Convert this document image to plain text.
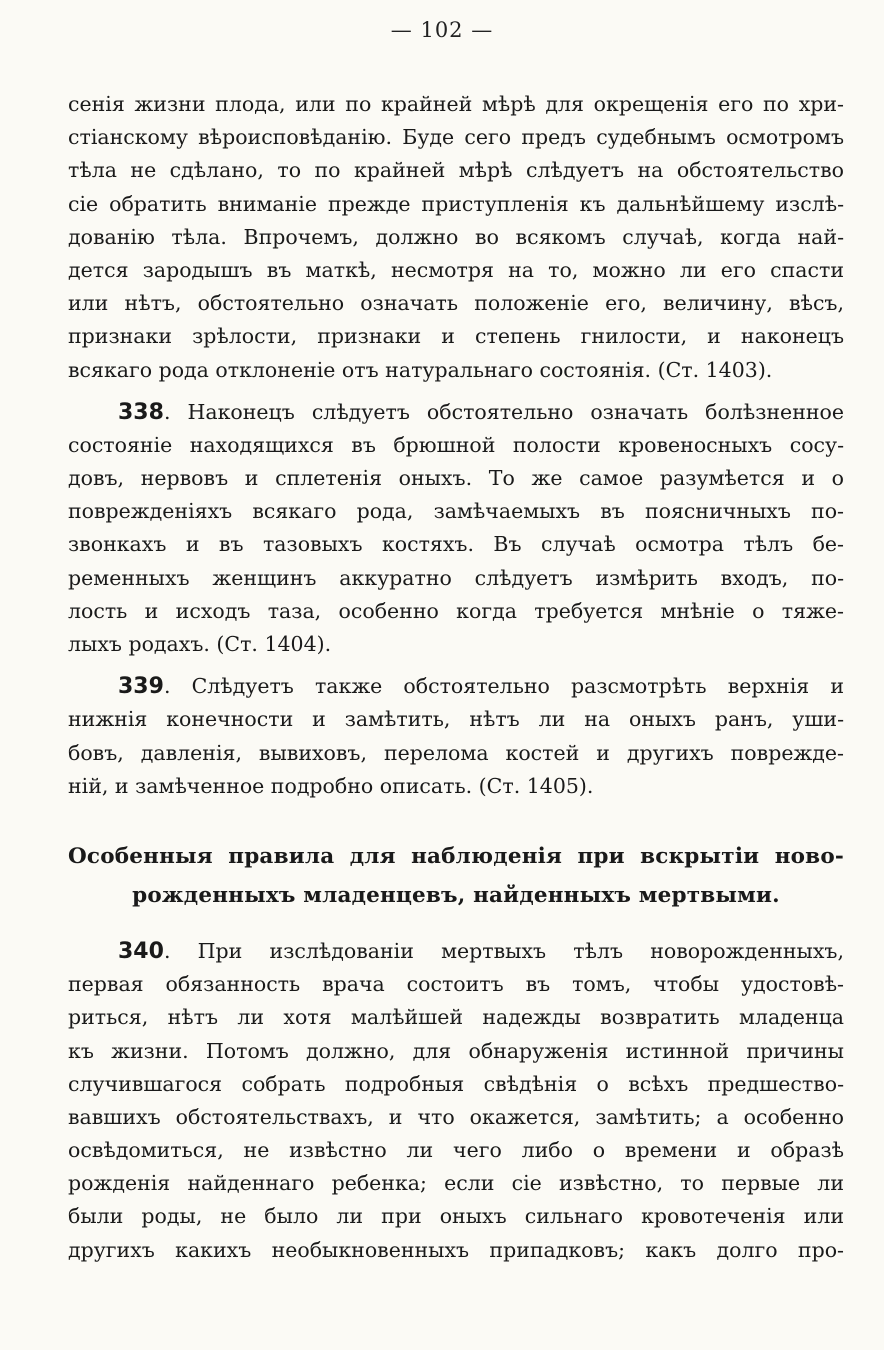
— 102 —
сенія жизни плода, или по крайней мѣрѣ для окрещенія его по хри-
стіанскому вѣроисповѣданію. Буде сего предъ судебнымъ осмотромъ
тѣла не сдѣлано, то по крайней мѣрѣ слѣдуетъ на обстоятельство
сіе обратить вниманіе прежде приступленія къ дальнѣйшему изслѣ-
дованію тѣла. Впрочемъ, должно во всякомъ случаѣ, когда най-
дется зародышъ въ маткѣ, несмотря на то, можно ли его спасти
или нѣтъ, обстоятельно означать положеніе его, величину, вѣсъ,
признаки зрѣлости, признаки и степень гнилости, и наконецъ
всякаго рода отклоненіе отъ натуральнаго состоянія. (Ст. 1403).
338. Наконецъ слѣдуетъ обстоятельно означать болѣзненное
состояніе находящихся въ брюшной полости кровеносныхъ сосу-
довъ, нервовъ и сплетенія оныхъ. То же самое разумѣется и о
поврежденіяхъ всякаго рода, замѣчаемыхъ въ поясничныхъ по-
звонкахъ и въ тазовыхъ костяхъ. Въ случаѣ осмотра тѣлъ бе-
ременныхъ женщинъ аккуратно слѣдуетъ измѣрить входъ, по-
лость и исходъ таза, особенно когда требуется мнѣніе о тяже-
лыхъ родахъ. (Ст. 1404).
339. Слѣдуетъ также обстоятельно разсмотрѣть верхнія и
нижнія конечности и замѣтить, нѣтъ ли на оныхъ ранъ, уши-
бовъ, давленія, вывиховъ, перелома костей и другихъ поврежде-
ній, и замѣченное подробно описать. (Ст. 1405).
Особенныя правила для наблюденія при вскрытіи ново-
рожденныхъ младенцевъ, найденныхъ мертвыми.
340. При изслѣдованіи мертвыхъ тѣлъ новорожденныхъ,
первая обязанность врача состоитъ въ томъ, чтобы удостовѣ-
риться, нѣтъ ли хотя малѣйшей надежды возвратить младенца
къ жизни. Потомъ должно, для обнаруженія истинной причины
случившагося собрать подробныя свѣдѣнія о всѣхъ предшество-
вавшихъ обстоятельствахъ, и что окажется, замѣтить; а особенно
освѣдомиться, не извѣстно ли чего либо о времени и образѣ
рожденія найденнаго ребенка; если сіе извѣстно, то первые ли
были роды, не было ли при оныхъ сильнаго кровотеченія или
другихъ какихъ необыкновенныхъ припадковъ; какъ долго про-
